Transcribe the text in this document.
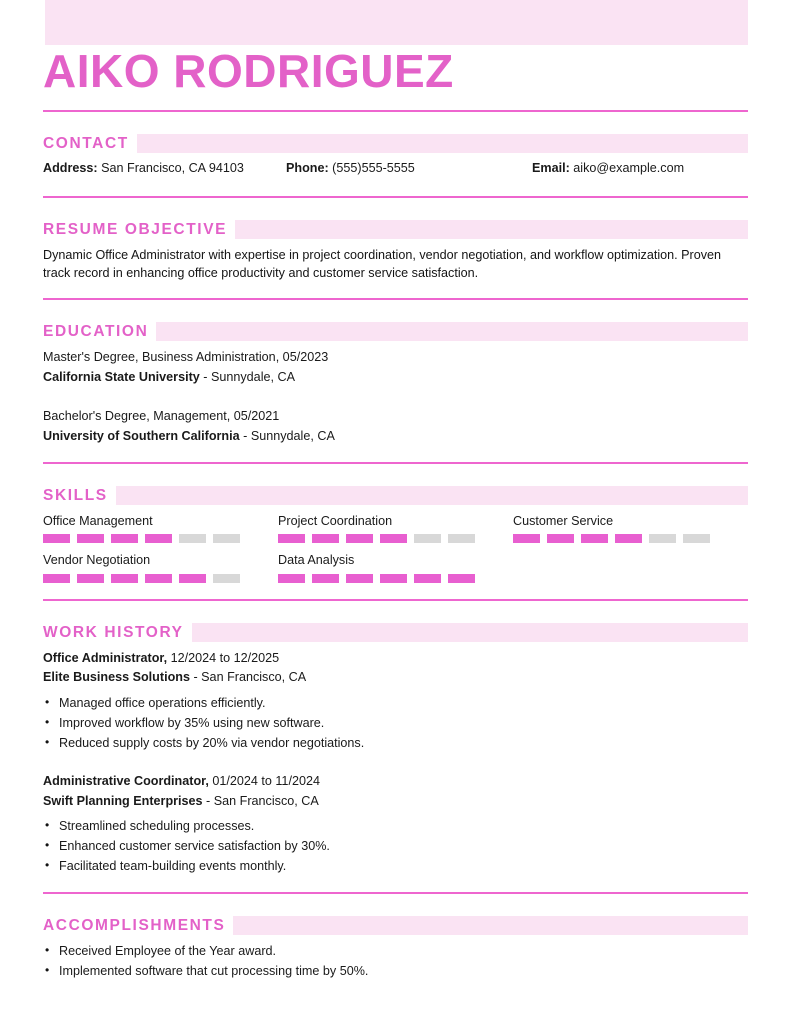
AIKO RODRIGUEZ
CONTACT
Address: San Francisco, CA 94103	Phone: (555)555-5555	Email: aiko@example.com
RESUME OBJECTIVE
Dynamic Office Administrator with expertise in project coordination, vendor negotiation, and workflow optimization. Proven track record in enhancing office productivity and customer service satisfaction.
EDUCATION
Master's Degree, Business Administration, 05/2023
California State University - Sunnydale, CA
Bachelor's Degree, Management, 05/2021
University of Southern California - Sunnydale, CA
SKILLS
Office Management	Project Coordination	Customer Service
Vendor Negotiation	Data Analysis
WORK HISTORY
Office Administrator, 12/2024 to 12/2025
Elite Business Solutions - San Francisco, CA
• Managed office operations efficiently.
• Improved workflow by 35% using new software.
• Reduced supply costs by 20% via vendor negotiations.
Administrative Coordinator, 01/2024 to 11/2024
Swift Planning Enterprises - San Francisco, CA
• Streamlined scheduling processes.
• Enhanced customer service satisfaction by 30%.
• Facilitated team-building events monthly.
ACCOMPLISHMENTS
• Received Employee of the Year award.
• Implemented software that cut processing time by 50%.
